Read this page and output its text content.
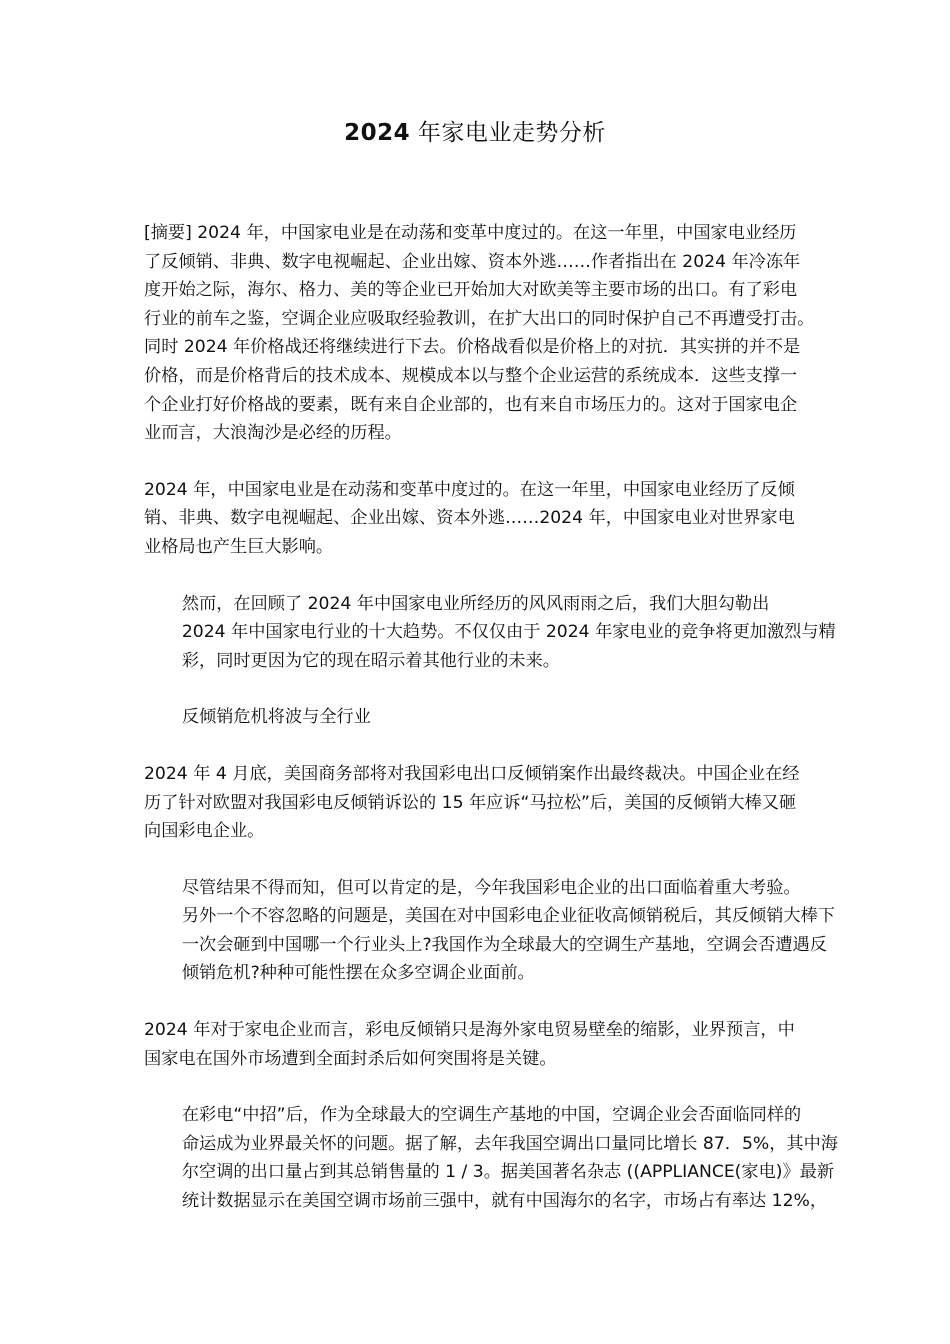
2024 年家电业走势分析

[摘要] 2024 年，中国家电业是在动荡和变革中度过的。在这一年里，中国家电业经历
了反倾销、非典、数字电视崛起、企业出嫁、资本外逃……作者指出在 2024 年冷冻年
度开始之际，海尔、格力、美的等企业已开始加大对欧美等主要市场的出口。有了彩电
行业的前车之鉴，空调企业应吸取经验教训，在扩大出口的同时保护自己不再遭受打击。
同时 2024 年价格战还将继续进行下去。价格战看似是价格上的对抗．其实拼的并不是
价格，而是价格背后的技术成本、规模成本以与整个企业运营的系统成本．这些支撑一
个企业打好价格战的要素，既有来自企业部的，也有来自市场压力的。这对于国家电企
业而言，大浪淘沙是必经的历程。

2024 年，中国家电业是在动荡和变革中度过的。在这一年里，中国家电业经历了反倾
销、非典、数字电视崛起、企业出嫁、资本外逃……2024 年，中国家电业对世界家电
业格局也产生巨大影响。

然而，在回顾了 2024 年中国家电业所经历的风风雨雨之后，我们大胆勾勒出
2024 年中国家电行业的十大趋势。不仅仅由于 2024 年家电业的竞争将更加激烈与精
彩，同时更因为它的现在昭示着其他行业的未来。

反倾销危机将波与全行业

2024 年 4 月底，美国商务部将对我国彩电出口反倾销案作出最终裁决。中国企业在经
历了针对欧盟对我国彩电反倾销诉讼的 15 年应诉“马拉松”后，美国的反倾销大棒又砸
向国彩电企业。

尽管结果不得而知，但可以肯定的是，今年我国彩电企业的出口面临着重大考验。
另外一个不容忽略的问题是，美国在对中国彩电企业征收高倾销税后，其反倾销大棒下
一次会砸到中国哪一个行业头上?我国作为全球最大的空调生产基地，空调会否遭遇反
倾销危机?种种可能性摆在众多空调企业面前。

2024 年对于家电企业而言，彩电反倾销只是海外家电贸易壁垒的缩影，业界预言，中
国家电在国外市场遭到全面封杀后如何突围将是关键。

在彩电“中招”后，作为全球最大的空调生产基地的中国，空调企业会否面临同样的
命运成为业界最关怀的问题。据了解，去年我国空调出口量同比增长 87．5%，其中海
尔空调的出口量占到其总销售量的 1 / 3。据美国著名杂志 ((APPLIANCE(家电)》最新
统计数据显示在美国空调市场前三强中，就有中国海尔的名字，市场占有率达 12%，
